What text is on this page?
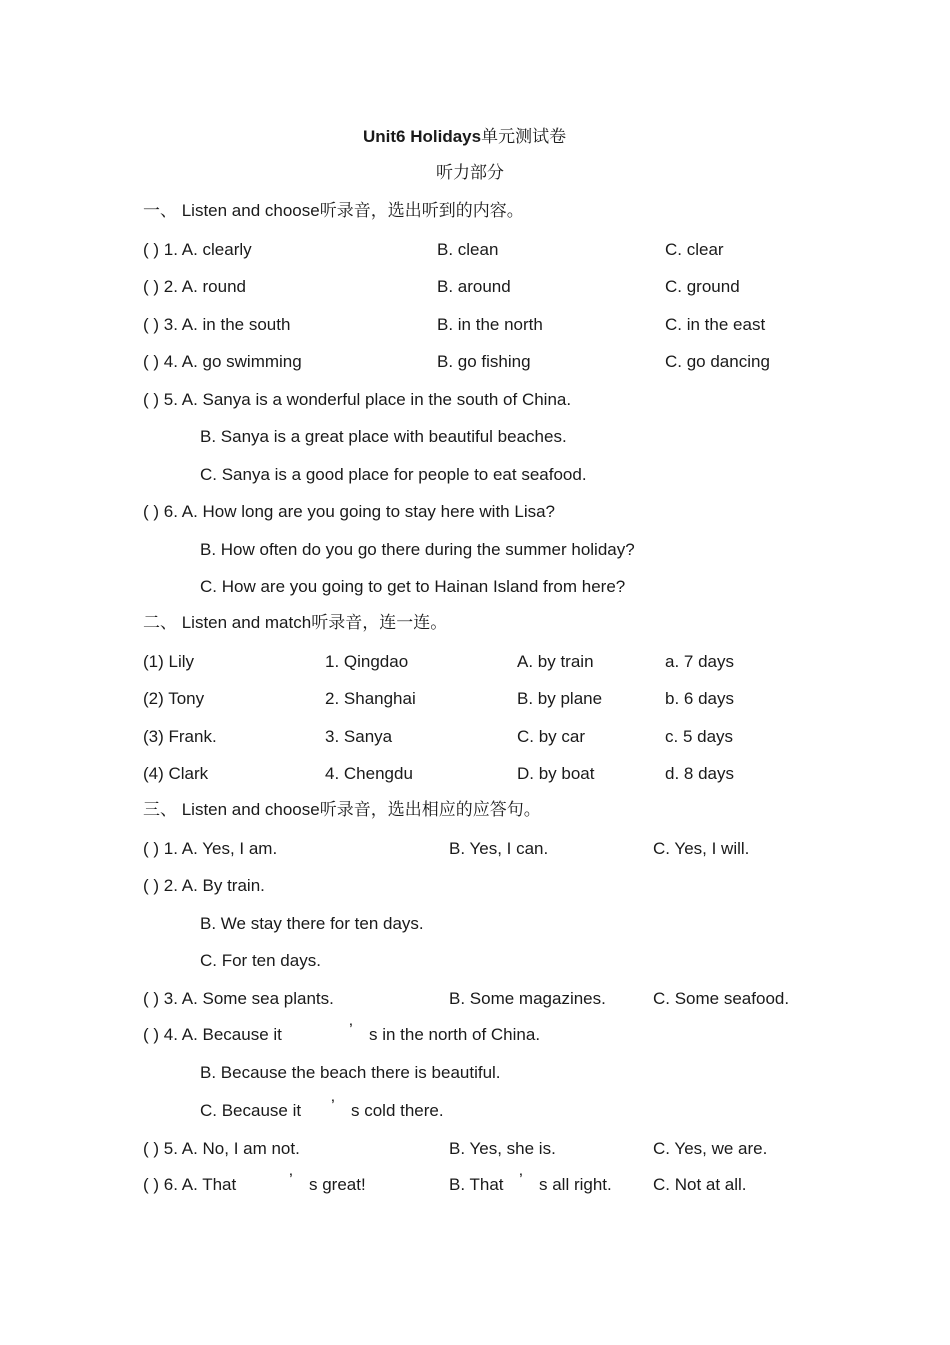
Unit6 Holidays单元测试卷
听力部分
一、 Listen and choose听录音，选出听到的内容。
( ) 1. A. clearly	B. clean	C. clear
( ) 2. A. round	B. around	C. ground
( ) 3. A. in the south	B. in the north	C. in the east
( ) 4. A. go swimming	B. go fishing	C. go dancing
( ) 5. A. Sanya is a wonderful place in the south of China.
B. Sanya is a great place with beautiful beaches.
C. Sanya is a good place for people to eat seafood.
( ) 6. A. How long are you going to stay here with Lisa?
B. How often do you go there during the summer holiday?
C. How are you going to get to Hainan Island from here?
二、 Listen and match听录音，连一连。
(1) Lily	1. Qingdao	A. by train	a. 7 days
(2) Tony	2. Shanghai	B. by plane	b. 6 days
(3) Frank.	3. Sanya	C. by car	c. 5 days
(4) Clark	4. Chengdu	D. by boat	d. 8 days
三、 Listen and choose听录音，选出相应的应答句。
( ) 1. A. Yes, I am.	B. Yes, I can.	C. Yes, I will.
( ) 2. A. By train.
B. We stay there for ten days.
C. For ten days.
( ) 3. A. Some sea plants.	B. Some magazines.	C. Some seafood.
( ) 4. A. Because it	’ s in the north of China.
B. Because the beach there is beautiful.
C. Because it ’ s cold there.
( ) 5. A. No, I am not.	B. Yes, she is.	C. Yes, we are.
( ) 6. A. That	’ s great!	B. That ’ s all right. C. Not at all.
